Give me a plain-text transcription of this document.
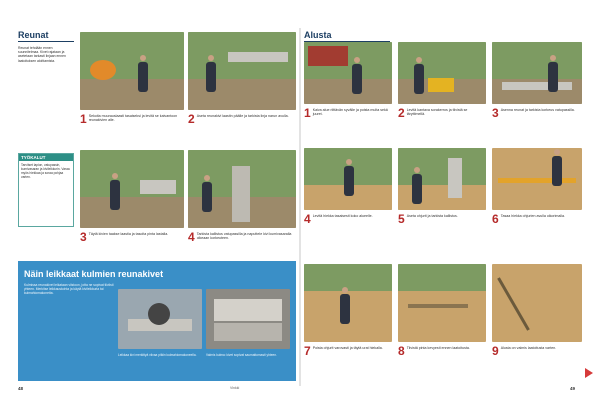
Reunat
Reunat tehdään ennen suunnitelmaa. Kivet rajataan ja asetetaan tarkasti linjaan ennen laatoituksen aloittamista.
TYÖKALUT
Tarvitset lapion, vatupassin, kumivasaran ja kivileikkurin. Varaa myös hiekkaa ja soraa pohjaa varten.
1 Sekoita muurauslaasti tasaiseksi ja levitä se kaivantoon reunakivien alle.	2 Aseta reunakivi laastin päälle ja tarkista linja narun avulla.
3 Täytä kivien taakse laastia ja tasoita pinta lastalla.	4 Tarkista kallistus vatupassilla ja naputtele kivi kumivasaralla oikeaan korkeuteen.
Näin leikkaat kulmien reunakivet
Kulmissa reunakivet leikataan viistoon, jotta ne sopivat tiiviisti yhteen. Merkitse leikkauskohta ja käytä kivileikkuria tai kulmahiomakonetta.
Leikkaa kivi merkittyä viivaa pitkin kulmahiomakoneella.	Valmis kulma: kivet sopivat saumattomasti yhteen.
Alusta
1 Kaiva alue riittävän syvälle ja poista multa sekä juuret.	2 Levitä kantava sorakerros ja tiivistä se täryttimellä.	3 Asenna reunat ja tarkista korkeus vatupassilla.
4 Levitä hiekka tasaisesti koko alueelle.	5 Aseta ohjurit ja tarkista kallistus.	6 Tasaa hiekka ohjurien avulla oikorimalla.
7 Poista ohjurit varovasti ja täytä urat hiekalla.	8 Tiivistä pinta kevyesti ennen laatoitusta.	9 Alusta on valmis laatoitusta varten.
48	Vinkki	49
